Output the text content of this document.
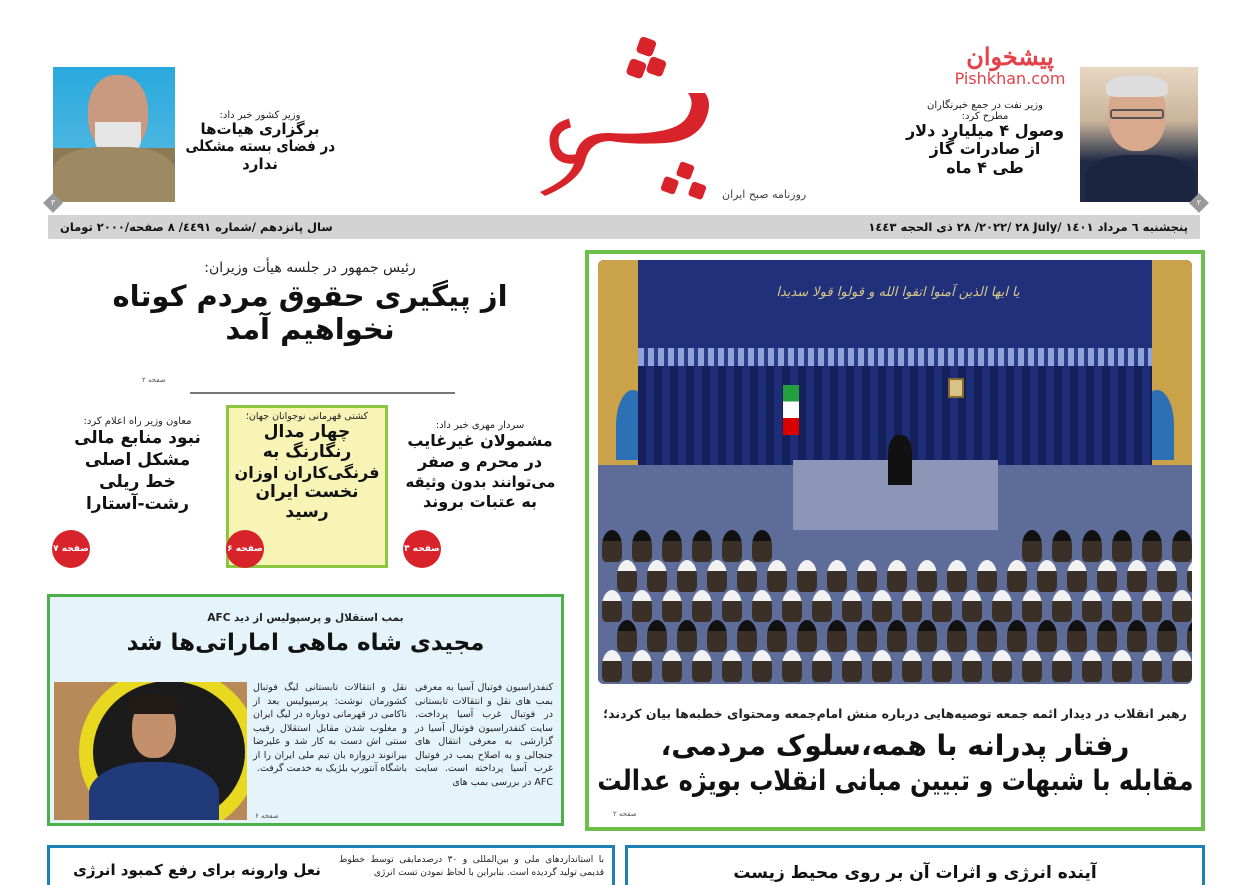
روزنامه صبح ایران
۲
وزیر نفت در جمع خبرنگاران مطرح کرد:
وصول ۴ میلیارد دلار
از صادرات گاز
طی ۴ ماه
پیشخوان
Pishkhan.com
۳
وزیر کشور خبر داد:
برگزاری هیات‌ها
در فضای بسته مشکلی
ندارد
پنجشنبه ٦ مرداد ١٤٠١ /July ٢٨ /٢٠٢٢/ ٢٨ ذی الحجه ١٤٤٣
سال پانزدهم /شماره ٤٤٩١/ ٨ صفحه/٢٠٠٠ تومان
رئیس جمهور در جلسه هیأت وزیران:
از پیگیری حقوق مردم کوتاه
نخواهیم آمد
صفحه ۲
سردار مهری خبر داد:
مشمولان غیرغایب
در محرم و صفر
می‌توانند بدون وثیقه
به عتبات بروند
صفحه ۳
کشتی قهرمانی نوجوانان جهان؛
چهار مدال
رنگارنگ به
فرنگی‌کاران اوزان
نخست ایران
رسید
صفحه ۶
معاون وزیر راه اعلام کرد:
نبود منابع مالی
مشکل اصلی
خط ریلی
رشت-آستارا
صفحه ۷
بمب استقلال و پرسپولیس از دید AFC
مجیدی شاه ماهی اماراتی‌ها شد
کنفدراسیون فوتبال آسیا به معرفی بمب های نقل و انتقالات تابستانی در فوتبال غرب آسیا پرداخت. سایت کنفدراسیون فوتبال آسیا در گزارشی به معرفی انتقال های جنجالی و به اصلاح بمب در فوتبال غرب آسیا پرداخته است. سایت AFC در بررسی بمب های
نقل و انتقالات تابستانی لیگ فوتبال کشورمان نوشت: پرسپولیس بعد از ناکامی در قهرمانی دوباره در لیگ ایران و مغلوب شدن مقابل استقلال رقیب سنتی اش دست به کار شد و علیرضا بیرانوند دروازه بان تیم ملی ایران را از باشگاه آنتورپ بلژیک به خدمت گرفت.
صفحه ۶
یا ایها الذین آمنوا اتقوا الله و قولوا قولا سدیدا
رهبر انقلاب در دیدار ائمه جمعه توصیه‌هایی درباره منش امام‌جمعه ومحتوای خطبه‌ها بیان کردند؛
رفتار پدرانه با همه،سلوک مردمی،
مقابله با شبهات و تبیین مبانی انقلاب بویژه عدالت
صفحه ۲
با استانداردهای ملی و بین‌المللی و ۳۰ درصدمابقی توسط خطوط قدیمی تولید گردیده است. بنابراین با لحاظ نمودن تست انرژی
نعل وارونه برای رفع کمبود انرژی	آینده انرژی و اثرات آن بر روی محیط زیست
